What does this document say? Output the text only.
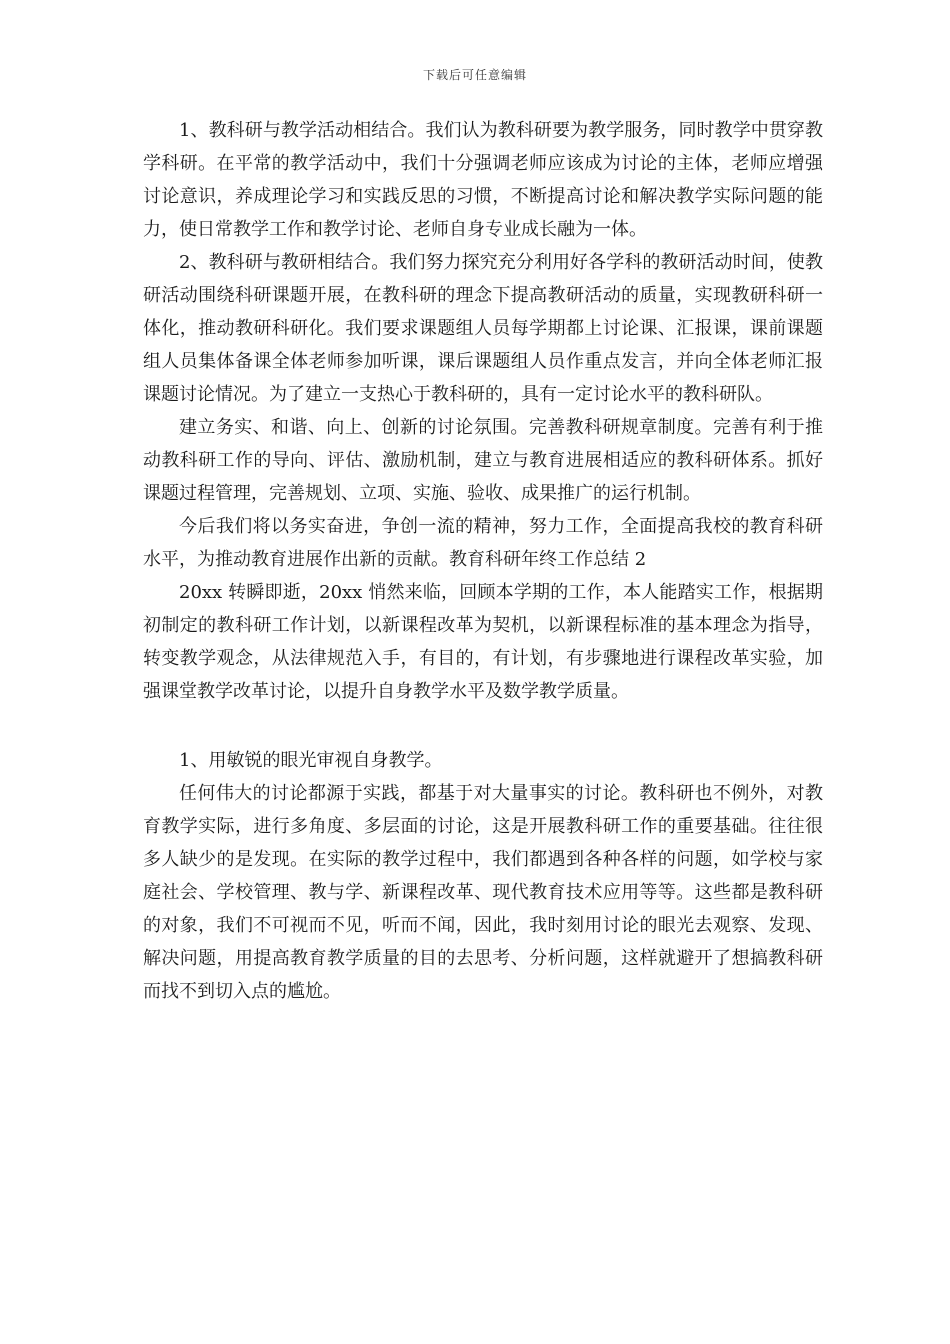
下载后可任意编辑

1、教科研与教学活动相结合。我们认为教科研要为教学服务，同时教学中贯穿教学科研。在平常的教学活动中，我们十分强调老师应该成为讨论的主体，老师应增强讨论意识，养成理论学习和实践反思的习惯，不断提高讨论和解决教学实际问题的能力，使日常教学工作和教学讨论、老师自身专业成长融为一体。

2、教科研与教研相结合。我们努力探究充分利用好各学科的教研活动时间，使教研活动围绕科研课题开展，在教科研的理念下提高教研活动的质量，实现教研科研一体化，推动教研科研化。我们要求课题组人员每学期都上讨论课、汇报课，课前课题组人员集体备课全体老师参加听课，课后课题组人员作重点发言，并向全体老师汇报课题讨论情况。为了建立一支热心于教科研的，具有一定讨论水平的教科研队。

建立务实、和谐、向上、创新的讨论氛围。完善教科研规章制度。完善有利于推动教科研工作的导向、评估、激励机制，建立与教育进展相适应的教科研体系。抓好课题过程管理，完善规划、立项、实施、验收、成果推广的运行机制。

今后我们将以务实奋进，争创一流的精神，努力工作，全面提高我校的教育科研水平，为推动教育进展作出新的贡献。教育科研年终工作总结 2

20xx 转瞬即逝，20xx 悄然来临，回顾本学期的工作，本人能踏实工作，根据期初制定的教科研工作计划，以新课程改革为契机，以新课程标准的基本理念为指导，转变教学观念，从法律规范入手，有目的，有计划，有步骤地进行课程改革实验，加强课堂教学改革讨论，以提升自身教学水平及数学教学质量。

1、用敏锐的眼光审视自身教学。

任何伟大的讨论都源于实践，都基于对大量事实的讨论。教科研也不例外，对教育教学实际，进行多角度、多层面的讨论，这是开展教科研工作的重要基础。往往很多人缺少的是发现。在实际的教学过程中，我们都遇到各种各样的问题，如学校与家庭社会、学校管理、教与学、新课程改革、现代教育技术应用等等。这些都是教科研的对象，我们不可视而不见，听而不闻，因此，我时刻用讨论的眼光去观察、发现、解决问题，用提高教育教学质量的目的去思考、分析问题，这样就避开了想搞教科研而找不到切入点的尴尬。
